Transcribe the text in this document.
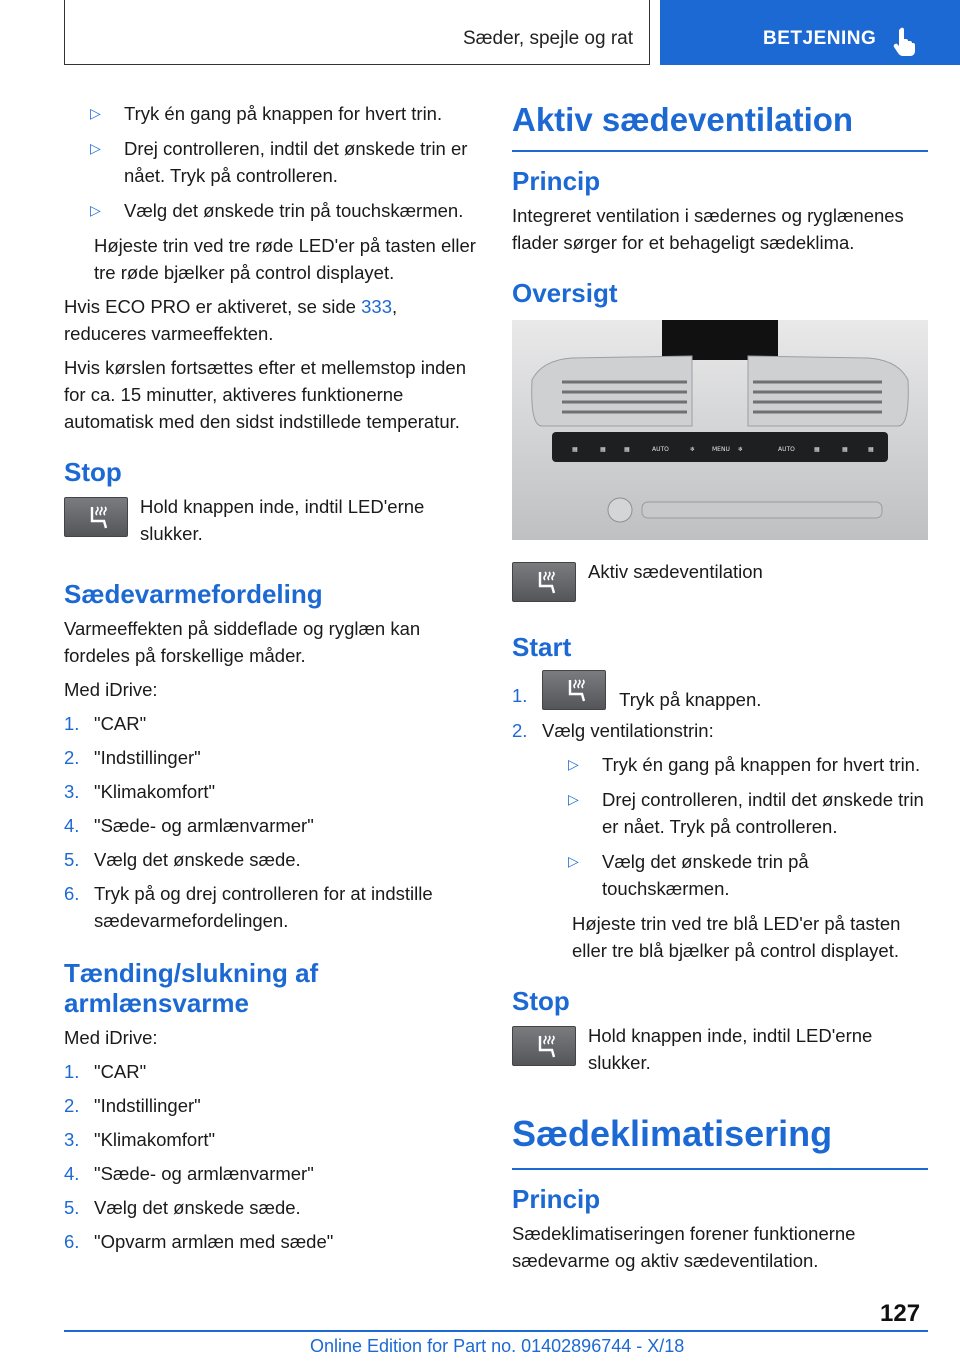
Sæder, spejle og rat	BETJENING
▷ Tryk én gang på knappen for hvert trin.
▷ Drej controlleren, indtil det ønskede trin er nået. Tryk på controlleren.
▷ Vælg det ønskede trin på touchskærmen.

Højeste trin ved tre røde LED'er på tasten eller tre røde bjælker på control displayet.

Hvis ECO PRO er aktiveret, se side 333, reduceres varmeeffekten.

Hvis kørslen fortsættes efter et mellemstop inden for ca. 15 minutter, aktiveres funktionerne automatisk med den sidst indstillede temperatur.

Stop
Hold knappen inde, indtil LED'erne slukker.
Sædevarmefordeling

Varmeeffekten på siddeflade og ryglæn kan fordeles på forskellige måder.

Med iDrive:

1. "CAR"
2. "Indstillinger"
3. "Klimakomfort"
4. "Sæde- og armlænvarmer"
5. Vælg det ønskede sæde.
6. Tryk på og drej controlleren for at indstille sædevarmefordelingen.
Tænding/slukning af armlænsvarme

Med iDrive:

1. "CAR"
2. "Indstillinger"
3. "Klimakomfort"
4. "Sæde- og armlænvarmer"
5. Vælg det ønskede sæde.
6. "Opvarm armlæn med sæde"
Aktiv sædeventilation
Princip

Integreret ventilation i sædernes og ryglænenes flader sørger for et behageligt sædeklima.

Oversigt
▦	▦	▦	AUTO	❄	MENU ❄	AUTO	▦	▦	▦
Aktiv sædeventilation
Start
1.	Tryk på knappen.
2. Vælg ventilationstrin:
▷ Tryk én gang på knappen for hvert trin.
▷ Drej controlleren, indtil det ønskede trin er nået. Tryk på controlleren.
▷ Vælg det ønskede trin på touchskærmen.

Højeste trin ved tre blå LED'er på tasten eller tre blå bjælker på control displayet.

Stop
Hold knappen inde, indtil LED'erne slukker.
Sædeklimatisering
Princip

Sædeklimatiseringen forener funktionerne sædevarme og aktiv sædeventilation.

127
Online Edition for Part no. 01402896744 - X/18
